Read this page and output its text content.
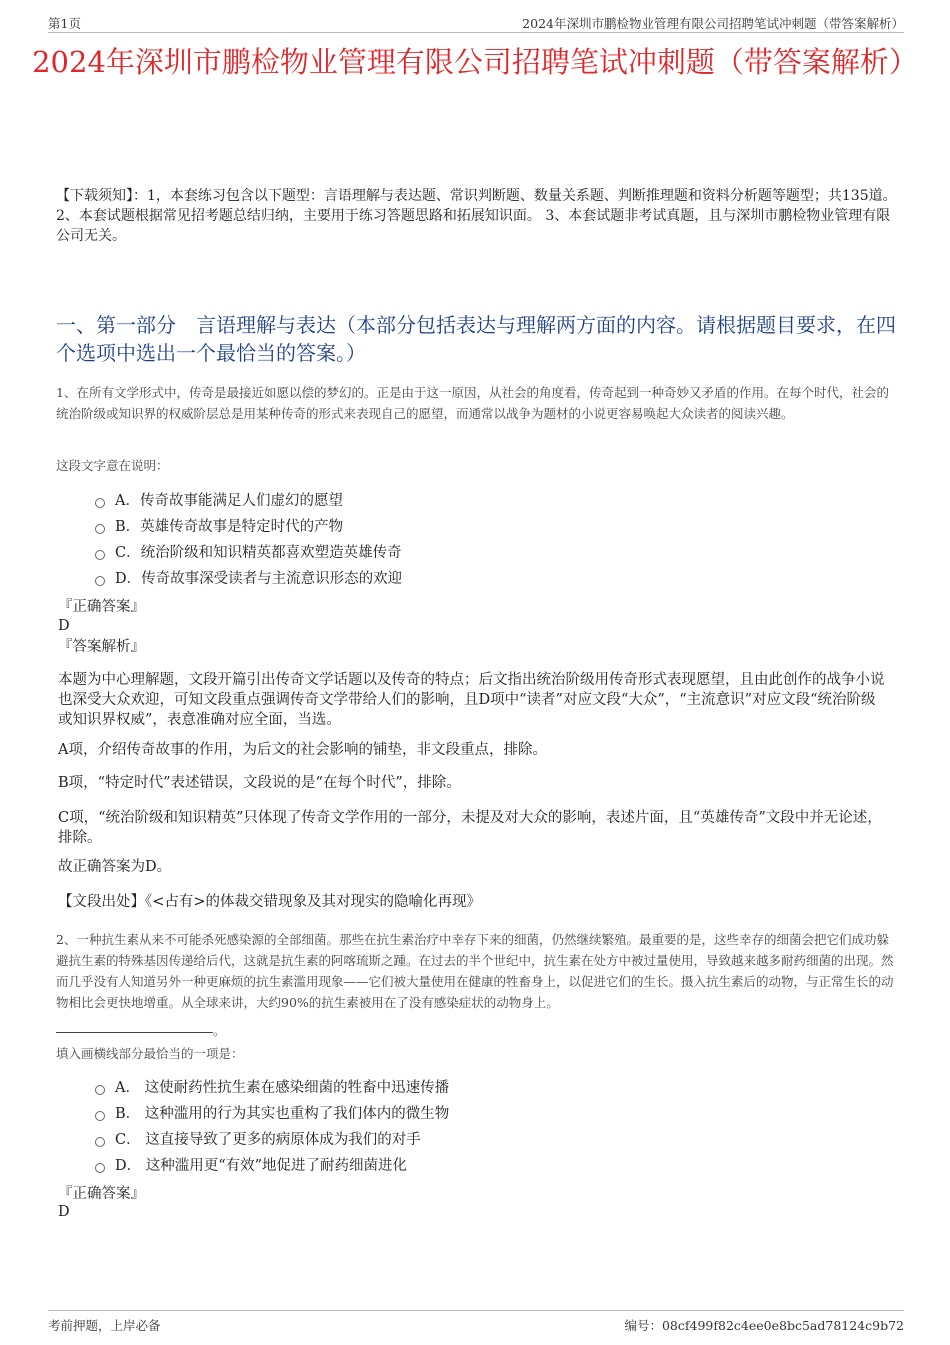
第1页	2024年深圳市鹏检物业管理有限公司招聘笔试冲刺题（带答案解析）
2024年深圳市鹏检物业管理有限公司招聘笔试冲刺题（带答案解析）
【下载须知】：1，本套练习包含以下题型：言语理解与表达题、常识判断题、数量关系题、判断推理题和资料分析题等题型；共135道。 2、本套试题根据常见招考题总结归纳，主要用于练习答题思路和拓展知识面。 3、本套试题非考试真题，且与深圳市鹏检物业管理有限公司无关。
一、第一部分　言语理解与表达（本部分包括表达与理解两方面的内容。请根据题目要求，在四个选项中选出一个最恰当的答案。）
1、在所有文学形式中，传奇是最接近如愿以偿的梦幻的。正是由于这一原因，从社会的角度看，传奇起到一种奇妙又矛盾的作用。在每个时代，社会的统治阶级或知识界的权威阶层总是用某种传奇的形式来表现自己的愿望，而通常以战争为题材的小说更容易唤起大众读者的阅读兴趣。
这段文字意在说明：
A．传奇故事能满足人们虚幻的愿望
B．英雄传奇故事是特定时代的产物
C．统治阶级和知识精英都喜欢塑造英雄传奇
D．传奇故事深受读者与主流意识形态的欢迎
『正确答案』
D
『答案解析』
本题为中心理解题，文段开篇引出传奇文学话题以及传奇的特点；后文指出统治阶级用传奇形式表现愿望，且由此创作的战争小说也深受大众欢迎，可知文段重点强调传奇文学带给人们的影响，且D项中“读者”对应文段“大众”，“主流意识”对应文段“统治阶级或知识界权威”，表意准确对应全面，当选。
A项，介绍传奇故事的作用，为后文的社会影响的铺垫，非文段重点，排除。
B项，“特定时代”表述错误，文段说的是“在每个时代”，排除。
C项，“统治阶级和知识精英”只体现了传奇文学作用的一部分，未提及对大众的影响，表述片面，且“英雄传奇”文段中并无论述，排除。
故正确答案为D。
【文段出处】《<占有>的体裁交错现象及其对现实的隐喻化再现》
2、一种抗生素从来不可能杀死感染源的全部细菌。那些在抗生素治疗中幸存下来的细菌，仍然继续繁殖。最重要的是，这些幸存的细菌会把它们成功躲避抗生素的特殊基因传递给后代，这就是抗生素的阿喀琉斯之踵。在过去的半个世纪中，抗生素在处方中被过量使用，导致越来越多耐药细菌的出现。然而几乎没有人知道另外一种更麻烦的抗生素滥用现象——它们被大量使用在健康的牲畜身上，以促进它们的生长。摄入抗生素后的动物，与正常生长的动物相比会更快地增重。从全球来讲，大约90%的抗生素被用在了没有感染症状的动物身上。
。
填入画横线部分最恰当的一项是：
A． 这使耐药性抗生素在感染细菌的牲畜中迅速传播
B． 这种滥用的行为其实也重构了我们体内的微生物
C． 这直接导致了更多的病原体成为我们的对手
D． 这种滥用更“有效”地促进了耐药细菌进化
『正确答案』
D
考前押题，上岸必备	编号：08cf499f82c4ee0e8bc5ad78124c9b72
